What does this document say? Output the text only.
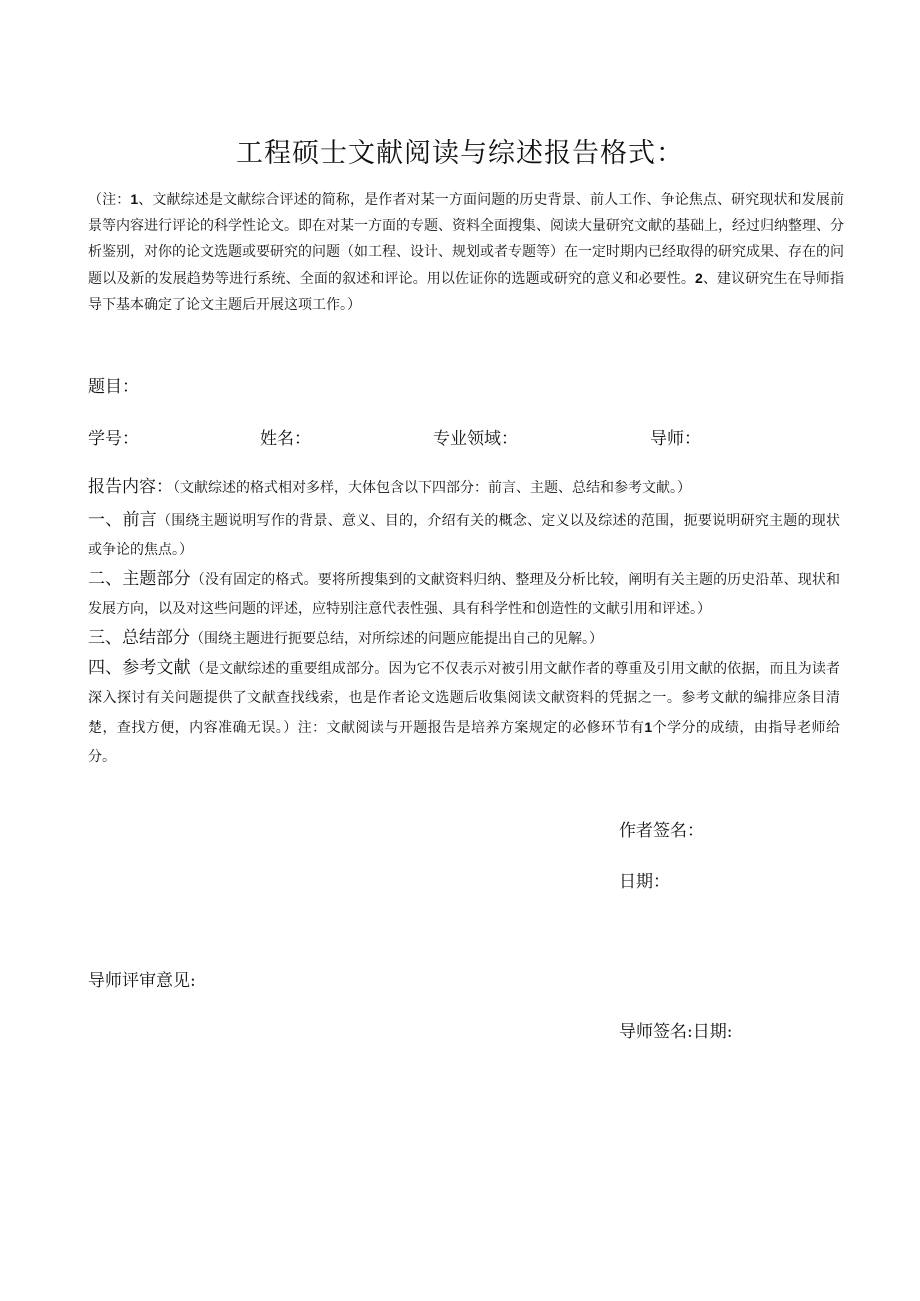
工程硕士文献阅读与综述报告格式：
（注：1、文献综述是文献综合评述的简称，是作者对某一方面问题的历史背景、前人工作、争论焦点、研究现状和发展前景等内容进行评论的科学性论文。即在对某一方面的专题、资料全面搜集、阅读大量研究文献的基础上，经过归纳整理、分析鉴别，对你的论文选题或要研究的问题（如工程、设计、规划或者专题等）在一定时期内已经取得的研究成果、存在的问题以及新的发展趋势等进行系统、全面的叙述和评论。用以佐证你的选题或研究的意义和必要性。2、建议研究生在导师指导下基本确定了论文主题后开展这项工作。）
题目：
学号：	姓名：	专业领域：	导师：
报告内容：（文献综述的格式相对多样，大体包含以下四部分：前言、主题、总结和参考文献。）

一、前言（围绕主题说明写作的背景、意义、目的，介绍有关的概念、定义以及综述的范围，扼要说明研究主题的现状或争论的焦点。）

二、主题部分（没有固定的格式。要将所搜集到的文献资料归纳、整理及分析比较，阐明有关主题的历史沿革、现状和发展方向，以及对这些问题的评述，应特别注意代表性强、具有科学性和创造性的文献引用和评述。）

三、总结部分（围绕主题进行扼要总结，对所综述的问题应能提出自己的见解。）

四、参考文献（是文献综述的重要组成部分。因为它不仅表示对被引用文献作者的尊重及引用文献的依据，而且为读者深入探讨有关问题提供了文献查找线索，也是作者论文选题后收集阅读文献资料的凭据之一。参考文献的编排应条目清楚，查找方便，内容准确无误。）注：文献阅读与开题报告是培养方案规定的必修环节有1个学分的成绩，由指导老师给分。

作者签名：
日期：
导师评审意见:
导师签名:日期:
